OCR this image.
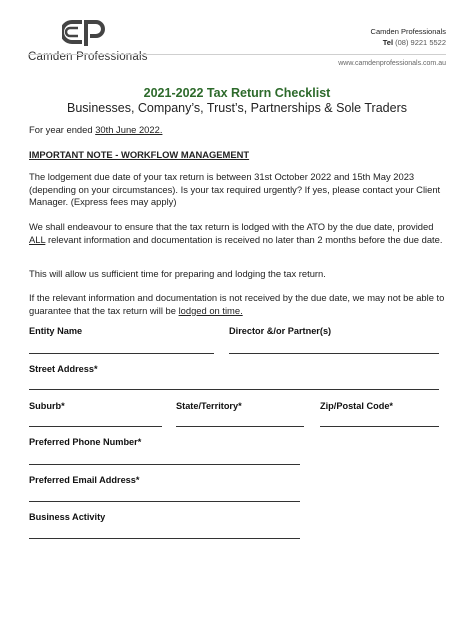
Camden Professionals
Camden Professionals
Tel (08) 9221 5522
www.camdenprofessionals.com.au
2021-2022 Tax Return Checklist
Businesses, Company’s, Trust’s, Partnerships & Sole Traders
For year ended 30th June 2022.
IMPORTANT NOTE - WORKFLOW MANAGEMENT
The lodgement due date of your tax return is between 31st October 2022 and 15th May 2023 (depending on your circumstances). Is your tax required urgently? If yes, please contact your Client Manager. (Express fees may apply)
We shall endeavour to ensure that the tax return is lodged with the ATO by the due date, provided ALL relevant information and documentation is received no later than 2 months before the due date.
This will allow us sufficient time for preparing and lodging the tax return.
If the relevant information and documentation is not received by the due date, we may not be able to guarantee that the tax return will be lodged on time.
Entity Name	Director &/or Partner(s)
Street Address*
Suburb*	State/Territory*	Zip/Postal Code*
Preferred Phone Number*
Preferred Email Address*
Business Activity
